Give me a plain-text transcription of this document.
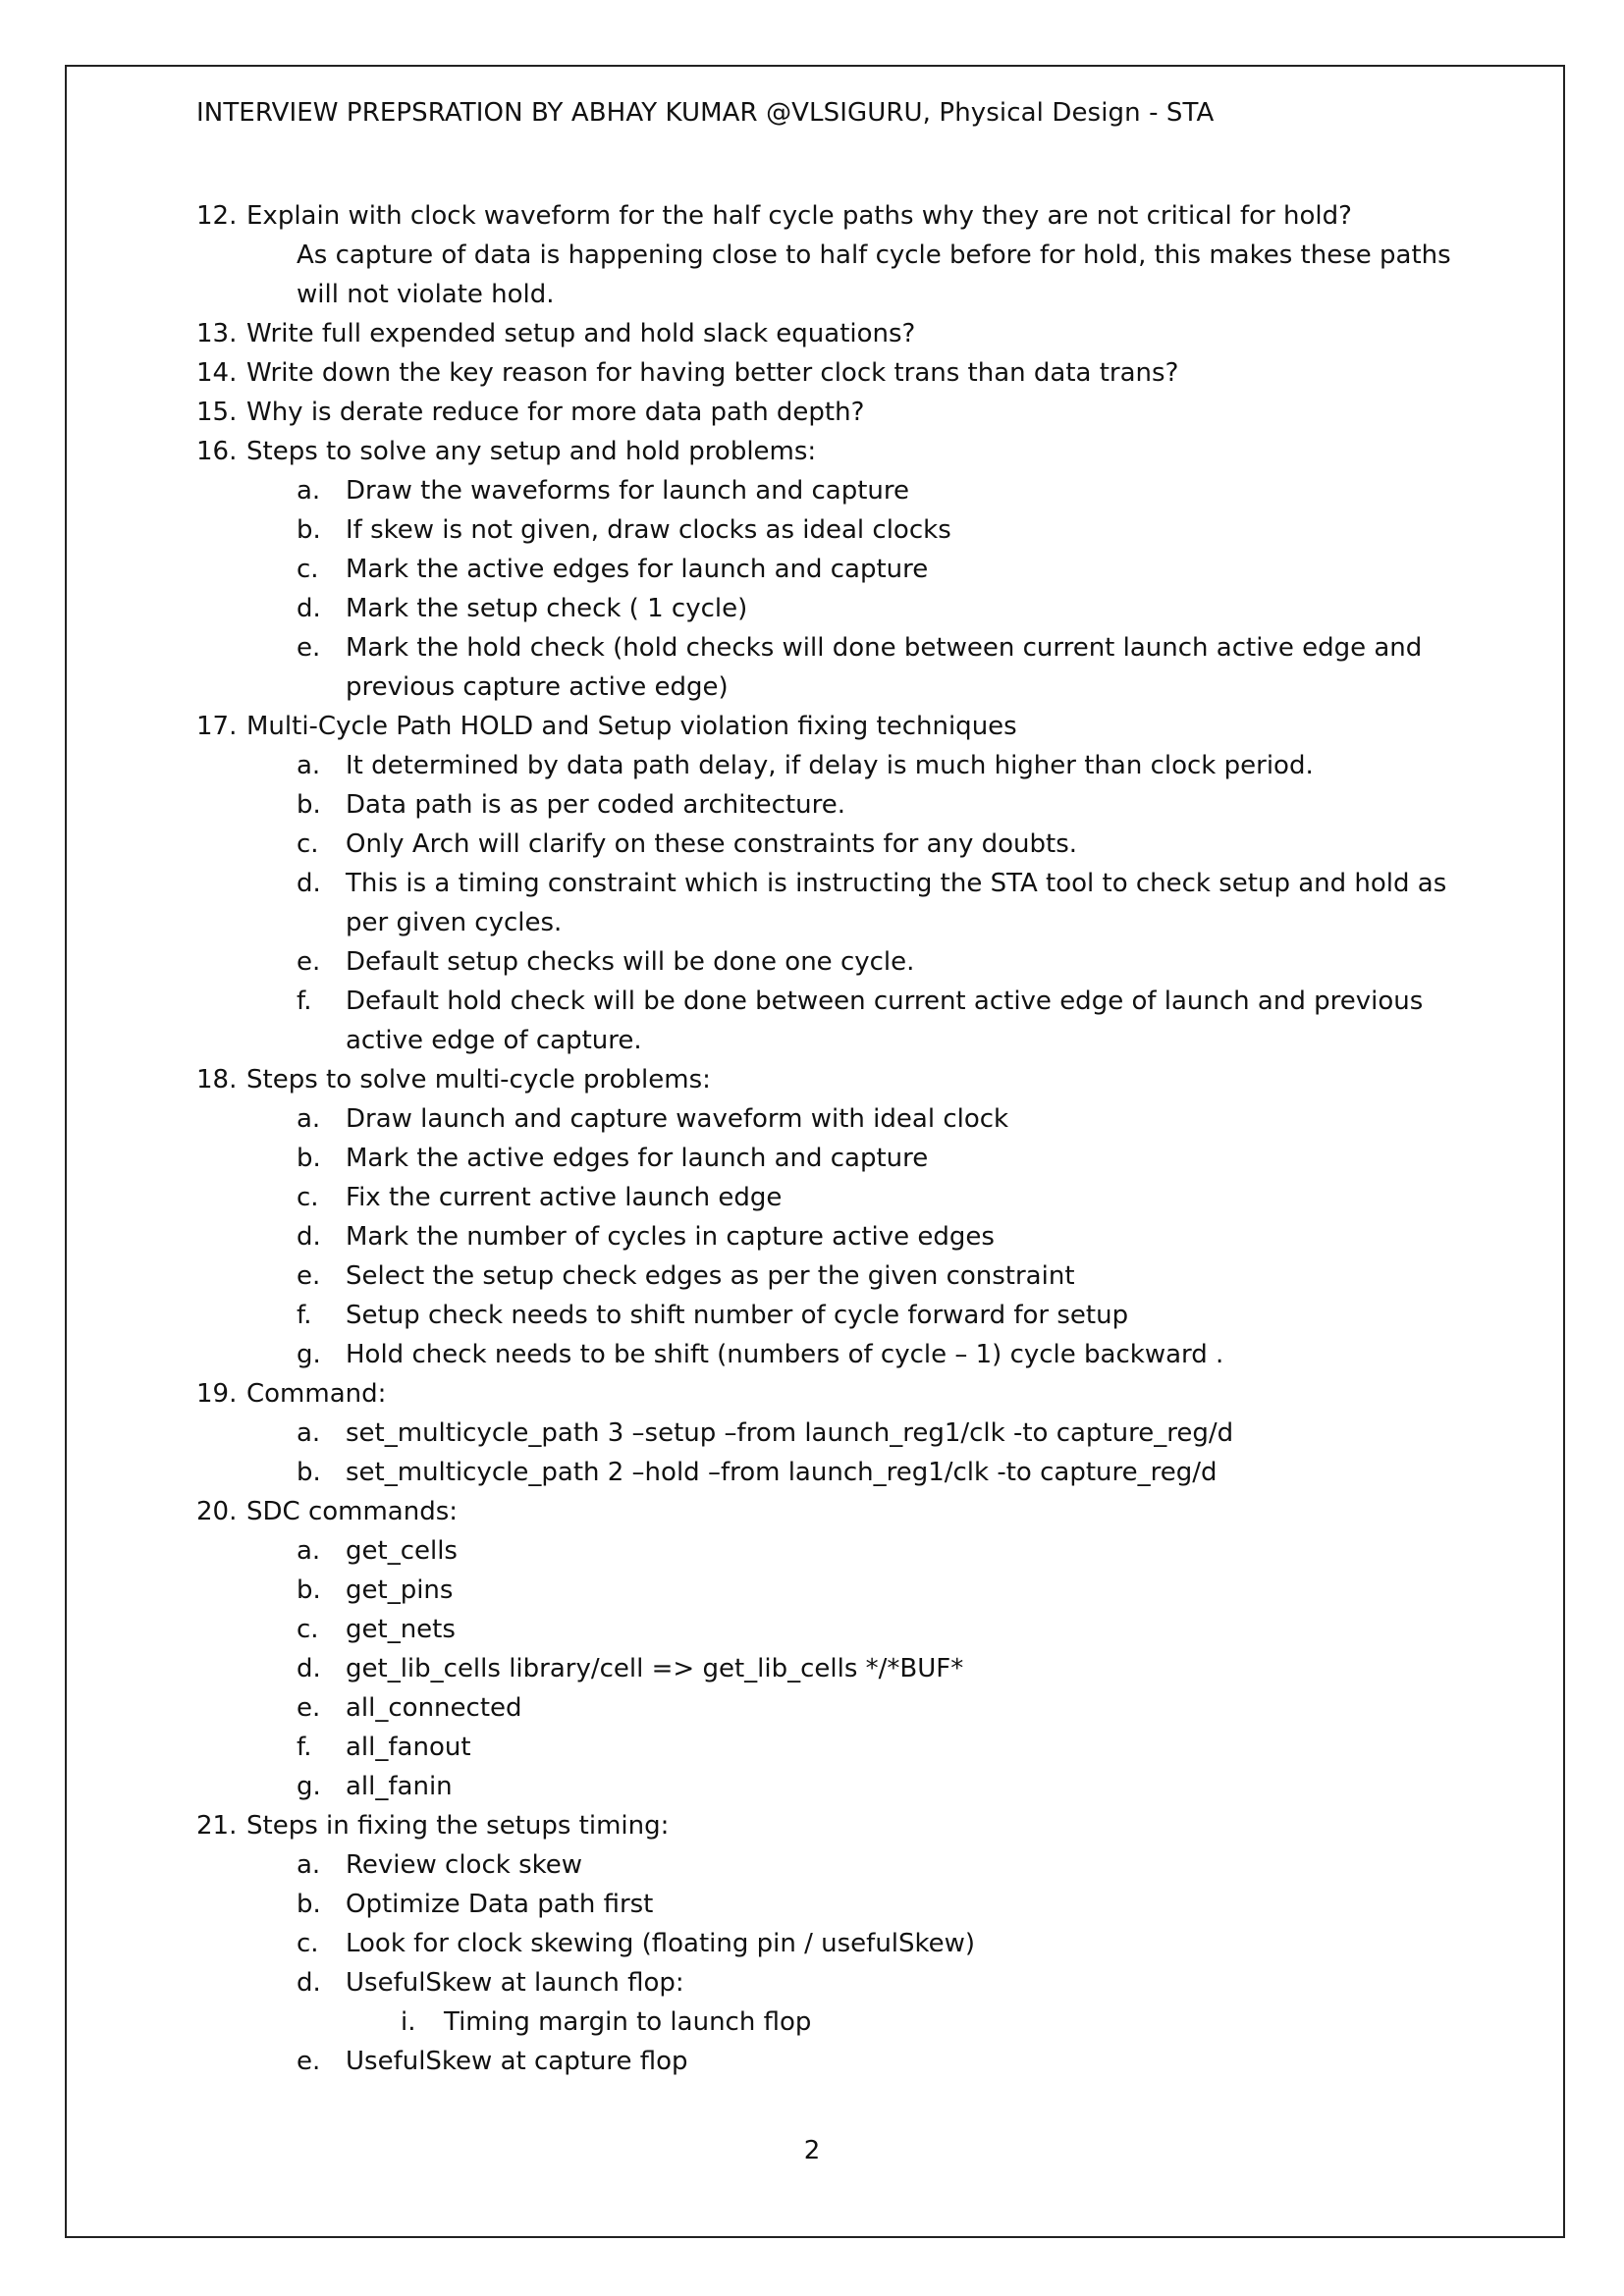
INTERVIEW PREPSRATION BY ABHAY KUMAR @VLSIGURU, Physical Design - STA
12. Explain with clock waveform for the half cycle paths why they are not critical for hold?
As capture of data is happening close to half cycle before for hold, this makes these paths
will not violate hold.
13. Write full expended setup and hold slack equations?
14. Write down the key reason for having better clock trans than data trans?
15. Why is derate reduce for more data path depth?
16. Steps to solve any setup and hold problems:
a. Draw the waveforms for launch and capture
b. If skew is not given, draw clocks as ideal clocks
c. Mark the active edges for launch and capture
d. Mark the setup check ( 1 cycle)
e. Mark the hold check (hold checks will done between current launch active edge and
previous capture active edge)
17. Multi-Cycle Path HOLD and Setup violation fixing techniques
a. It determined by data path delay, if delay is much higher than clock period.
b. Data path is as per coded architecture.
c. Only Arch will clarify on these constraints for any doubts.
d. This is a timing constraint which is instructing the STA tool to check setup and hold as
per given cycles.
e. Default setup checks will be done one cycle.
f. Default hold check will be done between current active edge of launch and previous
active edge of capture.
18. Steps to solve multi-cycle problems:
a. Draw launch and capture waveform with ideal clock
b. Mark the active edges for launch and capture
c. Fix the current active launch edge
d. Mark the number of cycles in capture active edges
e. Select the setup check edges as per the given constraint
f. Setup check needs to shift number of cycle forward for setup
g. Hold check needs to be shift (numbers of cycle – 1) cycle backward .
19. Command:
a. set_multicycle_path 3 –setup –from launch_reg1/clk -to capture_reg/d
b. set_multicycle_path 2 –hold –from launch_reg1/clk -to capture_reg/d
20. SDC commands:
a. get_cells
b. get_pins
c. get_nets
d. get_lib_cells library/cell => get_lib_cells */*BUF*
e. all_connected
f. all_fanout
g. all_fanin
21. Steps in fixing the setups timing:
a. Review clock skew
b. Optimize Data path first
c. Look for clock skewing (floating pin / usefulSkew)
d. UsefulSkew at launch flop:
i. Timing margin to launch flop
e. UsefulSkew at capture flop
2
